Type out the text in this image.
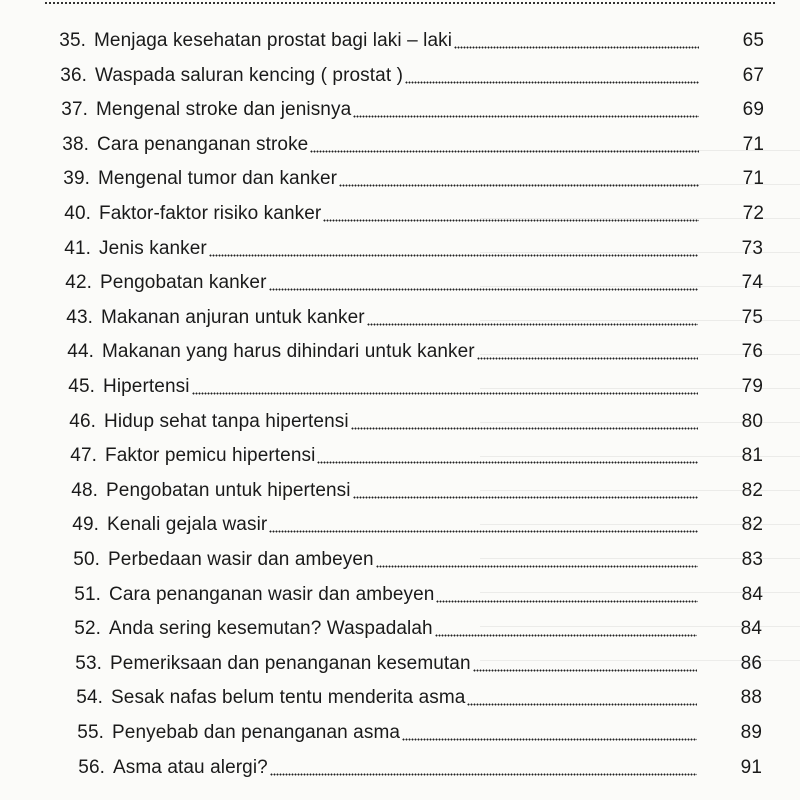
35. Menjaga kesehatan prostat bagi laki – laki	65
36. Waspada saluran kencing ( prostat )	67
37. Mengenal stroke dan jenisnya	69
38. Cara penanganan stroke	71
39. Mengenal tumor dan kanker	71
40. Faktor-faktor risiko kanker	72
41. Jenis kanker	73
42. Pengobatan kanker	74
43. Makanan anjuran untuk kanker	75
44. Makanan yang harus dihindari untuk kanker	76
45. Hipertensi	79
46. Hidup sehat tanpa hipertensi	80
47. Faktor pemicu hipertensi	81
48. Pengobatan untuk hipertensi	82
49. Kenali gejala wasir	82
50. Perbedaan wasir dan ambeyen	83
51. Cara penanganan wasir dan ambeyen	84
52. Anda sering kesemutan? Waspadalah	84
53. Pemeriksaan dan penanganan kesemutan	86
54. Sesak nafas belum tentu menderita asma	88
55. Penyebab dan penanganan asma	89
56. Asma atau alergi?	91
